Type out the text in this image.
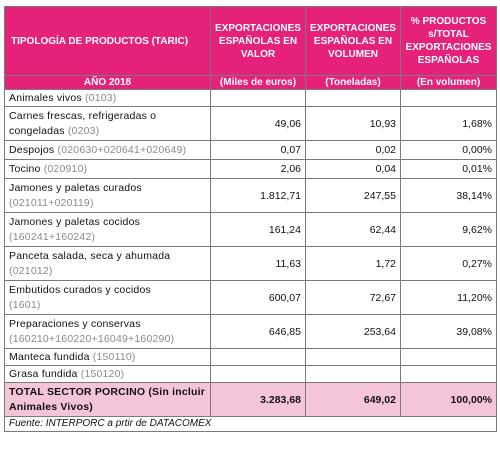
TIPOLOGÍA DE PRODUCTOS (TARIC)	EXPORTACIONES ESPAÑOLAS EN VALOR	EXPORTACIONES ESPAÑOLAS EN VOLUMEN	% PRODUCTOS s/TOTAL EXPORTACIONES ESPAÑOLAS
AÑO 2018	(Miles de euros)	(Toneladas)	(En volumen)
Animales vivos (0103)			
Carnes frescas, refrigeradas o congeladas (0203)	49,06	10,93	1,68%
Despojos (020630+020641+020649)	0,07	0,02	0,00%
Tocino (020910)	2,06	0,04	0,01%
Jamones y paletas curados
(021011+020119)	1.812,71	247,55	38,14%
Jamones y paletas cocidos
(160241+160242)	161,24	62,44	9,62%
Panceta salada, seca y ahumada
(021012)	11,63	1,72	0,27%
Embutidos curados y cocidos
(1601)	600,07	72,67	11,20%
Preparaciones y conservas
(160210+160220+16049+160290)	646,85	253,64	39,08%
Manteca fundida (150110)			
Grasa fundida (150120)			
TOTAL SECTOR PORCINO (Sin incluir Animales Vivos)	3.283,68	649,02	100,00%
Fuente: INTERPORC a prtir de DATACOMEX			
